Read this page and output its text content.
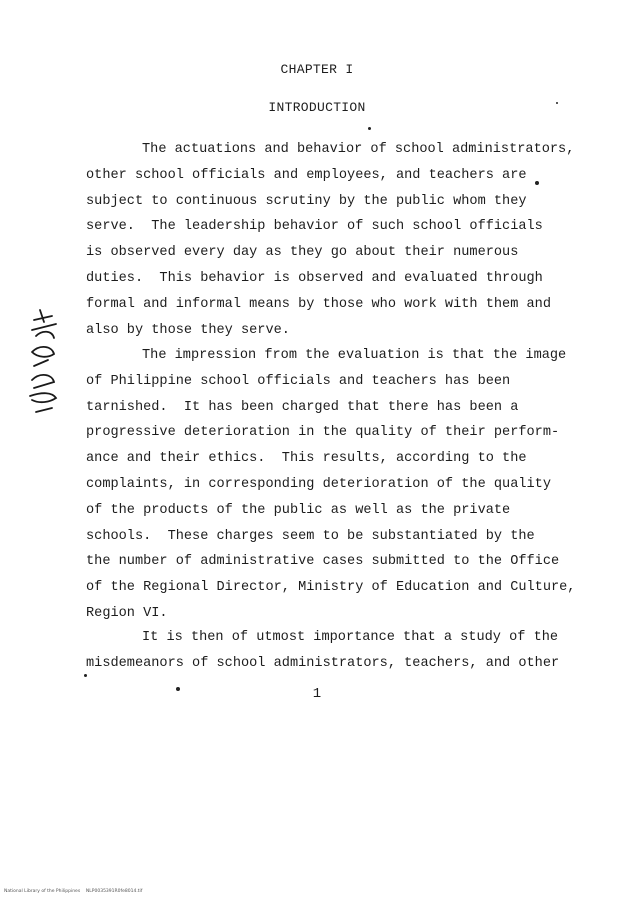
CHAPTER I
INTRODUCTION
The actuations and behavior of school administrators,
other school officials and employees, and teachers are
subject to continuous scrutiny by the public whom they
serve.  The leadership behavior of such school officials
is observed every day as they go about their numerous
duties.  This behavior is observed and evaluated through
formal and informal means by those who work with them and
also by those they serve.
The impression from the evaluation is that the image
of Philippine school officials and teachers has been
tarnished.  It has been charged that there has been a
progressive deterioration in the quality of their perform-
ance and their ethics.  This results, according to the
complaints, in corresponding deterioration of the quality
of the products of the public as well as the private
schools.  These charges seem to be substantiated by the
the number of administrative cases submitted to the Office
of the Regional Director, Ministry of Education and Culture,
Region VI.
It is then of utmost importance that a study of the
misdemeanors of school administrators, teachers, and other
1
National Library of the Philippines    NLP0035391R0fe8014.tif
